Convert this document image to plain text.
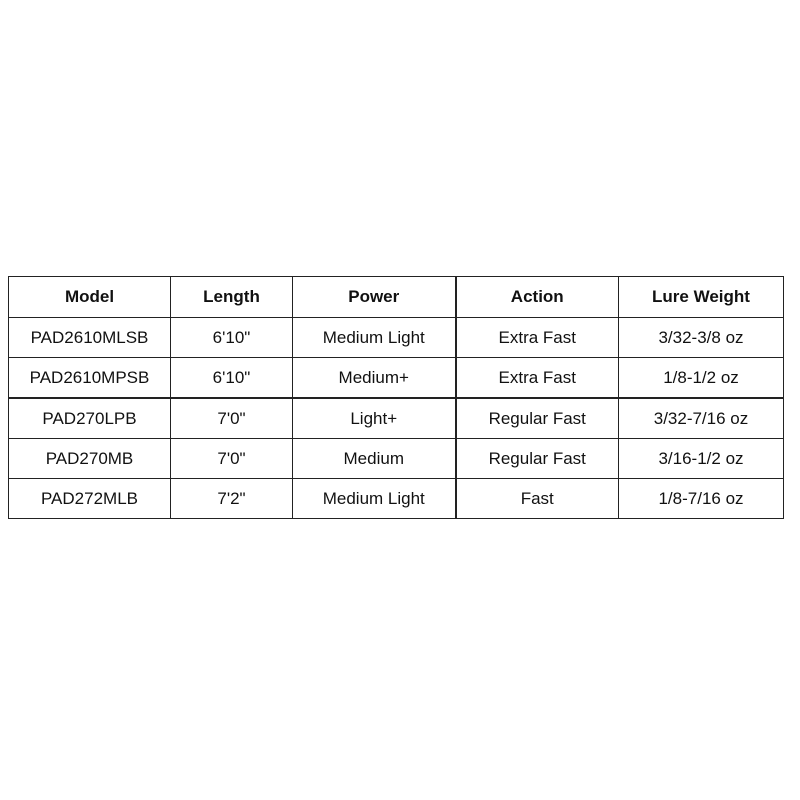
Model	Length	Power	Action	Lure Weight
PAD2610MLSB	6'10"	Medium Light	Extra Fast	3/32-3/8 oz
PAD2610MPSB	6'10"	Medium+	Extra Fast	1/8-1/2 oz
PAD270LPB	7'0"	Light+	Regular Fast	3/32-7/16 oz
PAD270MB	7'0"	Medium	Regular Fast	3/16-1/2 oz
PAD272MLB	7'2"	Medium Light	Fast	1/8-7/16 oz
